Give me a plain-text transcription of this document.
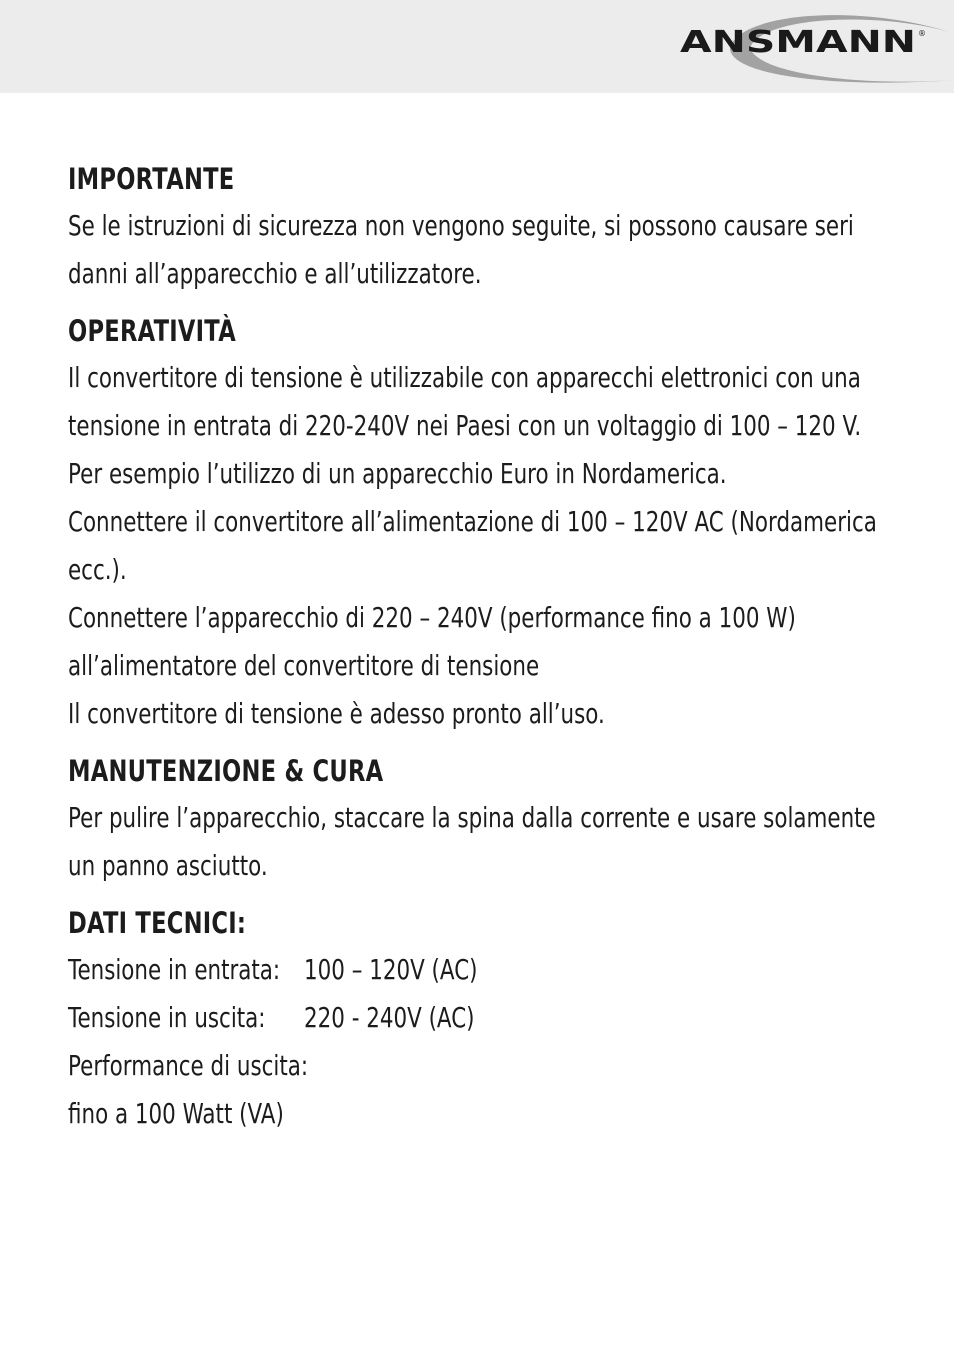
ANSMANN ®
IMPORTANTE
Se le istruzioni di sicurezza non vengono seguite, si possono causare seri
danni all’apparecchio e all’utilizzatore.
OPERATIVITÀ
Il convertitore di tensione è utilizzabile con apparecchi elettronici con una
tensione in entrata di 220-240V nei Paesi con un voltaggio di 100 – 120 V.
Per esempio l’utilizzo di un apparecchio Euro in Nordamerica.
Connettere il convertitore all’alimentazione di 100 – 120V AC (Nordamerica
ecc.).
Connettere l’apparecchio di 220 – 240V (performance fino a 100 W)
all’alimentatore del convertitore di tensione
Il convertitore di tensione è adesso pronto all’uso.
MANUTENZIONE & CURA
Per pulire l’apparecchio, staccare la spina dalla corrente e usare solamente
un panno asciutto.
DATI TECNICI:
Tensione in entrata: 100 – 120V (AC)
Tensione in uscita: 220 - 240V (AC)
Performance di uscita:
fino a 100 Watt (VA)
